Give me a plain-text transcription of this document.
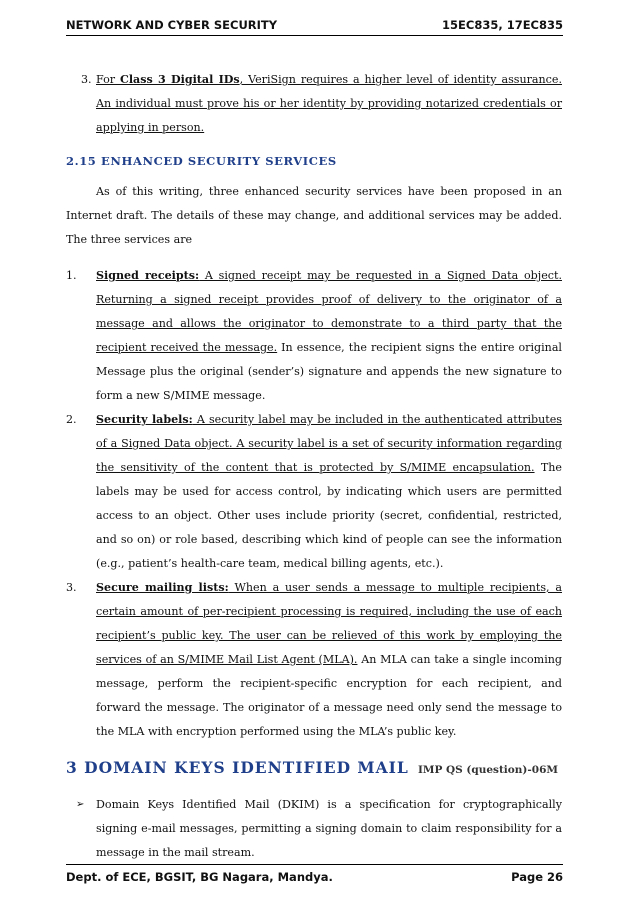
NETWORK AND CYBER SECURITY	15EC835, 17EC835
3. For Class 3 Digital IDs, VeriSign requires a higher level of identity assurance. An individual must prove his or her identity by providing notarized credentials or applying in person.
2.15 ENHANCED SECURITY SERVICES
As of this writing, three enhanced security services have been proposed in an Internet draft. The details of these may change, and additional services may be added. The three services are
1. Signed receipts: A signed receipt may be requested in a Signed Data object. Returning a signed receipt provides proof of delivery to the originator of a message and allows the originator to demonstrate to a third party that the recipient received the message. In essence, the recipient signs the entire original Message plus the original (sender’s) signature and appends the new signature to form a new S/MIME message.
2. Security labels: A security label may be included in the authenticated attributes of a Signed Data object. A security label is a set of security information regarding the sensitivity of the content that is protected by S/MIME encapsulation. The labels may be used for access control, by indicating which users are permitted access to an object. Other uses include priority (secret, confidential, restricted, and so on) or role based, describing which kind of people can see the information (e.g., patient’s health-care team, medical billing agents, etc.).
3. Secure mailing lists: When a user sends a message to multiple recipients, a certain amount of per-recipient processing is required, including the use of each recipient’s public key. The user can be relieved of this work by employing the services of an S/MIME Mail List Agent (MLA). An MLA can take a single incoming message, perform the recipient-specific encryption for each recipient, and forward the message. The originator of a message need only send the message to the MLA with encryption performed using the MLA’s public key.
3 DOMAIN KEYS IDENTIFIED MAIL IMP QS (question)-06M
➢ Domain Keys Identified Mail (DKIM) is a specification for cryptographically signing e-mail messages, permitting a signing domain to claim responsibility for a message in the mail stream.
Dept. of ECE, BGSIT, BG Nagara, Mandya.	Page 26
